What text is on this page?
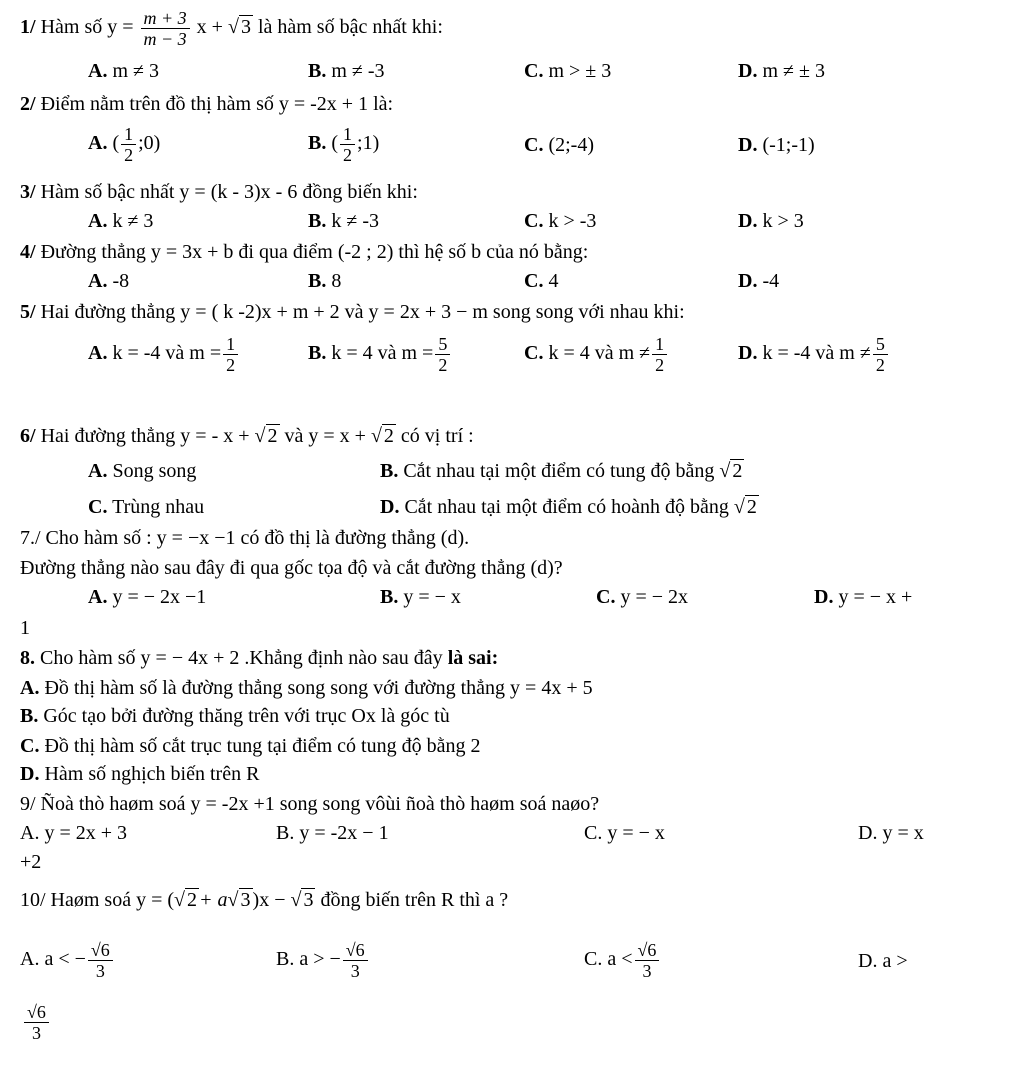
1/ Hàm số $y = \frac{m + 3}{m - 3}$ x + √ 3 là hàm số bậc nhất khi:
A. m ≠ 3	B. m ≠ -3	C. m > ± 3	D. m ≠ ± 3
2/ Điểm nằm trên đồ thị hàm số y = -2x + 1 là:
A. ( $\frac{1}{2}$ ;0)	B. ( $\frac{1}{2}$ ;1)	C. (2;-4)	D. (-1;-1)
3/ Hàm số bậc nhất y = (k - 3)x - 6 đồng biến khi:
A. k ≠ 3	B. k ≠ -3	C. k > -3	D. k > 3
4/ Đường thẳng y = 3x + b đi qua điểm (-2 ; 2) thì hệ số b của nó bằng:
A. -8	B. 8	C. 4	D. -4
5/ Hai đường thẳng y = ( k -2)x + m + 2 và y = 2x + 3 − m song song với nhau khi:
A. k = -4 và $m = \frac{1}{2}$	B. k = 4 và $m = \frac{5}{2}$	C. k = 4 và $m \ne \frac{1}{2}$	D. k = -4 và $m \ne \frac{5}{2}$
6/ Hai đường thẳng y = - x + √ 2 và y = x + √ 2 có vị trí :
A. Song song	B. Cắt nhau tại một điểm có tung độ bằng √ 2
C. Trùng nhau	D. Cắt nhau tại một điểm có hoành độ bằng √ 2
7./ Cho hàm số : y = −x −1 có đồ thị là đường thẳng (d).
Đường thẳng nào sau đây đi qua gốc tọa độ và cắt đường thẳng (d)?
A. y = − 2x −1	B. y = − x	C. y = − 2x	D. y = − x +
1
8. Cho hàm số y = − 4x + 2 .Khẳng định nào sau đây là sai:
A. Đồ thị hàm số là đường thẳng song song với đường thẳng y = 4x + 5
B. Góc tạo bởi đường thăng trên với trục Ox là góc tù
C. Đồ thị hàm số cắt trục tung tại điểm có tung độ bằng 2
D. Hàm số nghịch biến trên R
9/ Ñoà thò haøm soá y = -2x +1 song song vôùi ñoà thò haøm soá naøo?
A. y = 2x + 3	B. y = -2x − 1	C. y = − x	D. y = x
+2
10/ Haøm soá y = (√ 2 + a√ 3 )x − √ 3 đồng biến trên R thì a ?
A. a < − $\frac{√6}{3}$	B. a > − $\frac{√6}{3}$	C. $a < \frac{√6}{3}$	D. a >
$\frac{√6}{3}$
